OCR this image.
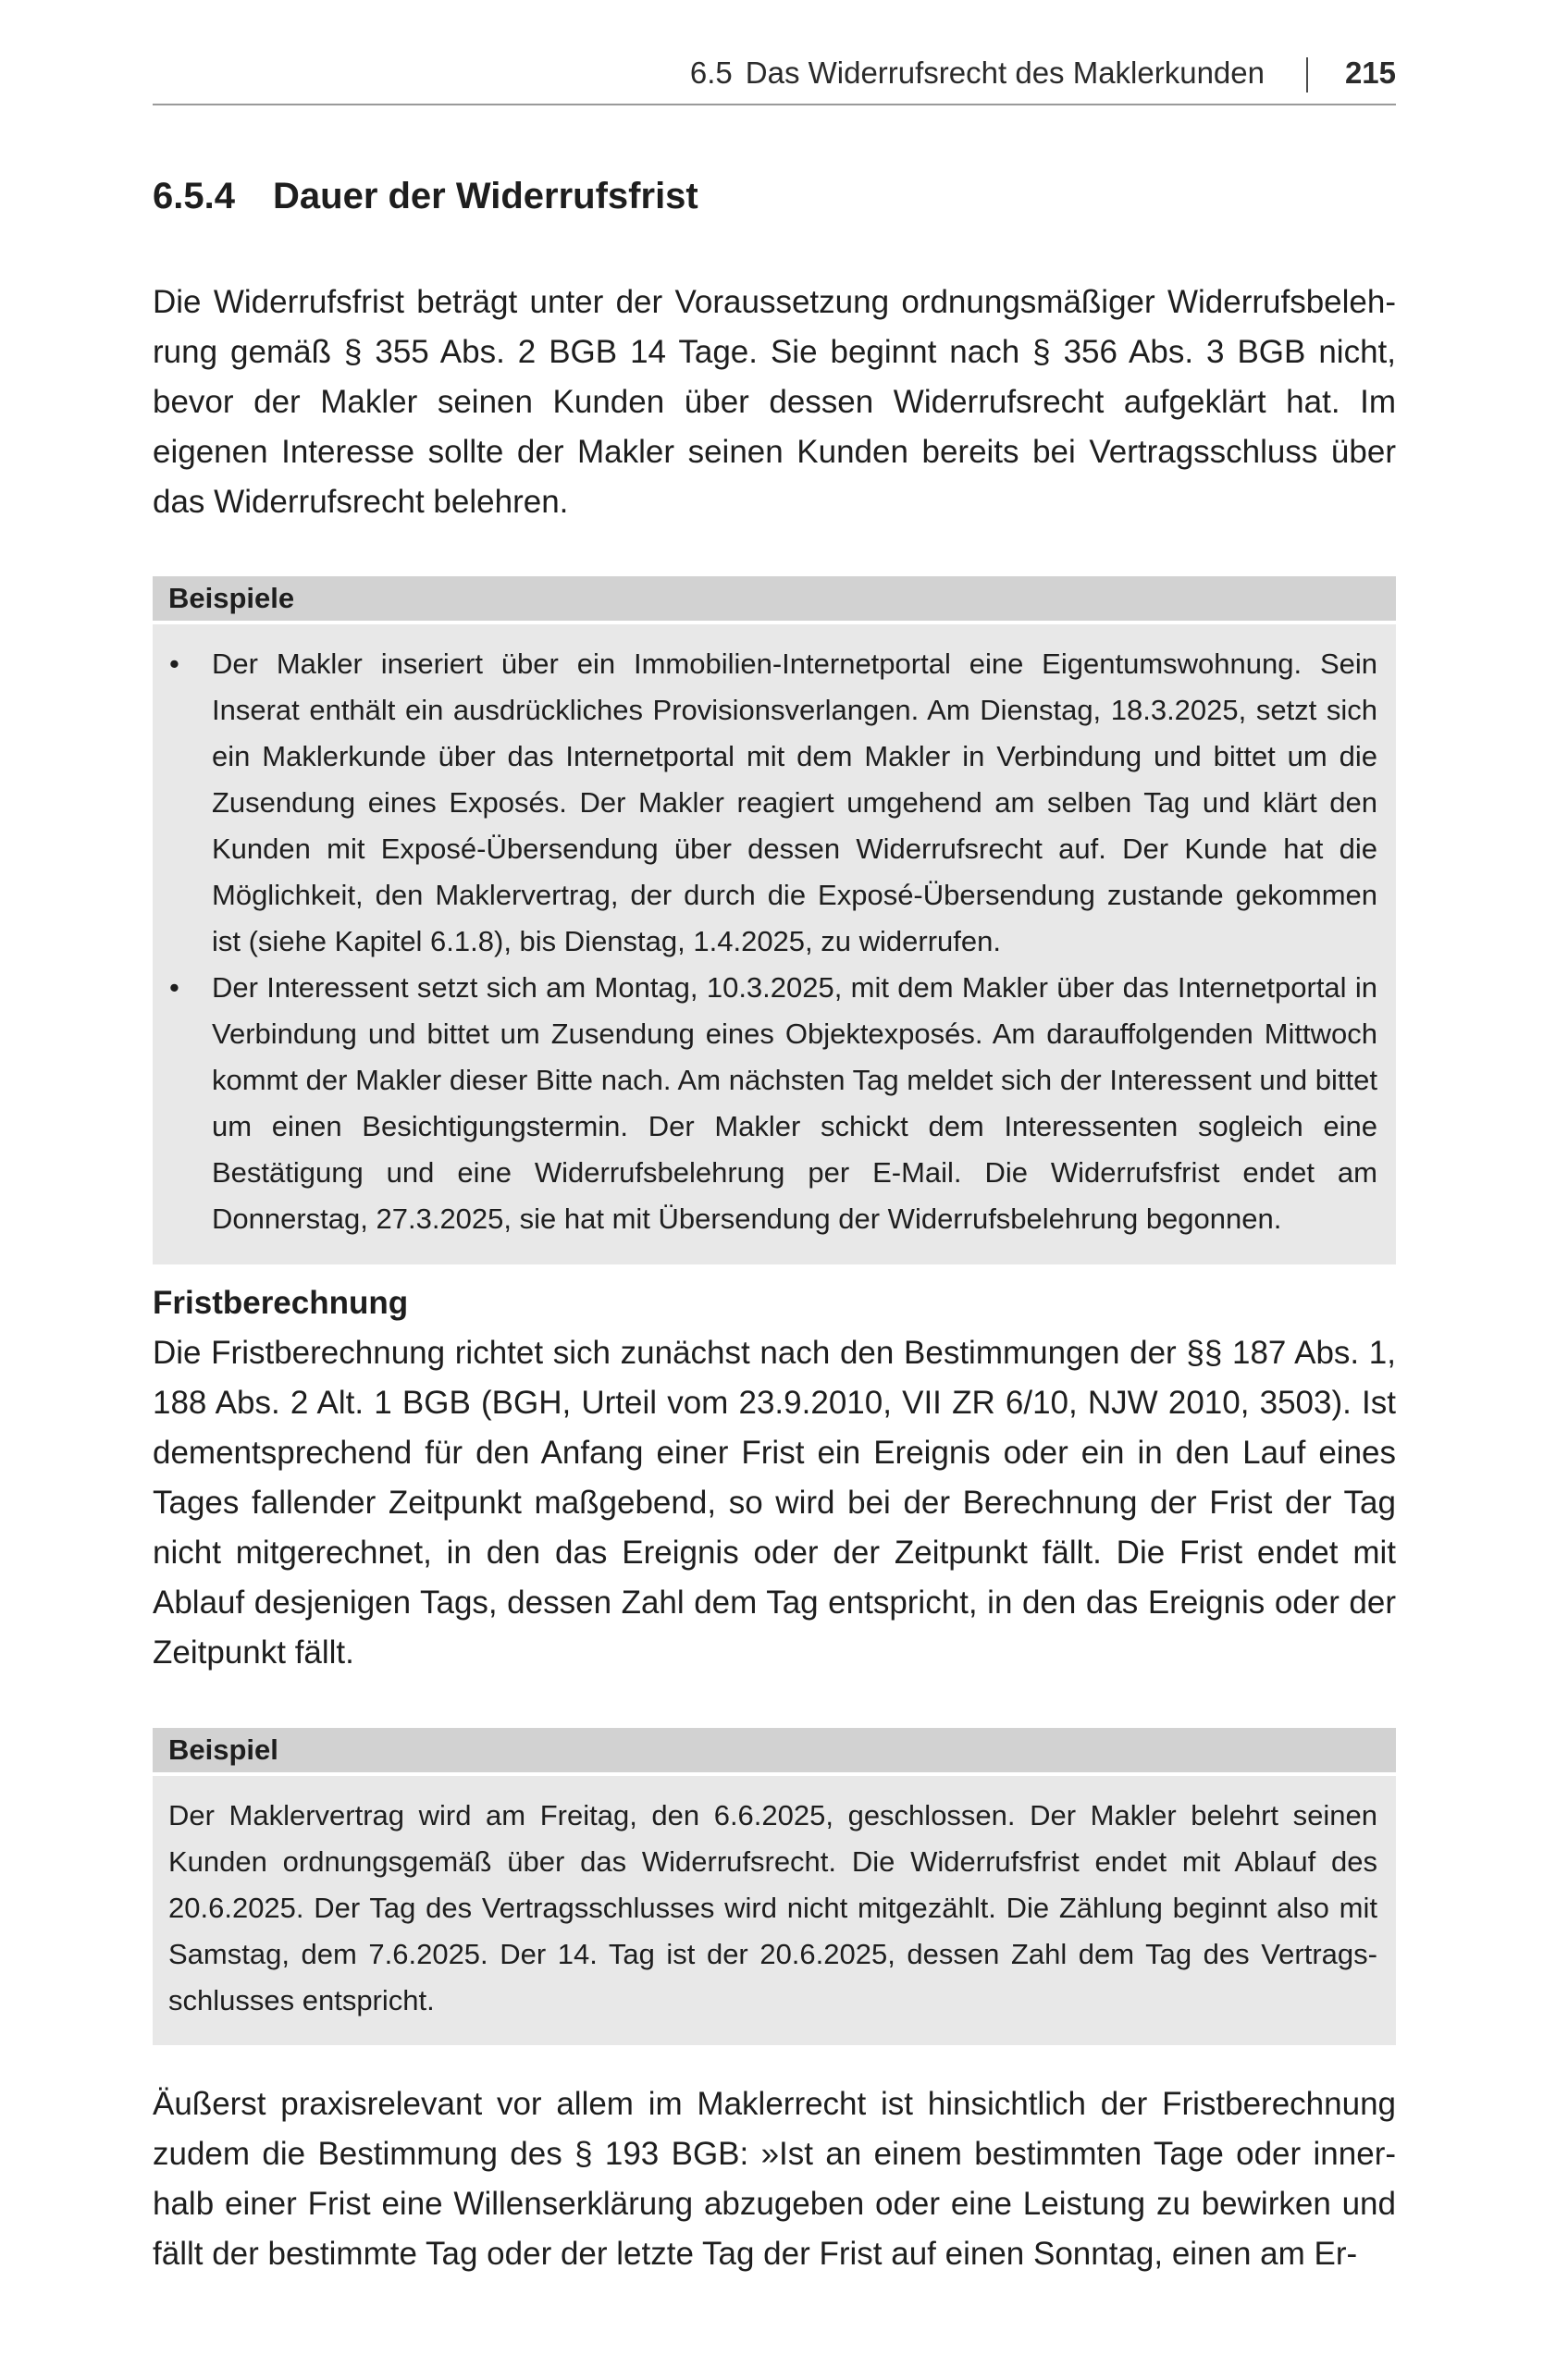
6.5 Das Widerrufsrecht des Maklerkunden	215
6.5.4 Dauer der Widerrufsfrist

Die Widerrufsfrist beträgt unter der Voraussetzung ordnungsmäßiger Widerrufsbelehrung gemäß § 355 Abs. 2 BGB 14 Tage. Sie beginnt nach § 356 Abs. 3 BGB nicht, bevor der Makler seinen Kunden über dessen Widerrufsrecht aufgeklärt hat. Im eigenen Interesse sollte der Makler seinen Kunden bereits bei Vertragsschluss über das Widerrufsrecht belehren.

Beispiele
• Der Makler inseriert über ein Immobilien-Internetportal eine Eigentumswohnung. Sein Inserat enthält ein ausdrückliches Provisionsverlangen. Am Dienstag, 18.3.2025, setzt sich ein Maklerkunde über das Internetportal mit dem Makler in Verbindung und bittet um die Zusendung eines Exposés. Der Makler reagiert umgehend am selben Tag und klärt den Kunden mit Exposé-Übersendung über dessen Widerrufsrecht auf. Der Kunde hat die Möglichkeit, den Maklervertrag, der durch die Exposé-Übersendung zustande gekommen ist (siehe Kapitel 6.1.8), bis Dienstag, 1.4.2025, zu widerrufen.
• Der Interessent setzt sich am Montag, 10.3.2025, mit dem Makler über das Internetportal in Verbindung und bittet um Zusendung eines Objektexposés. Am darauffolgenden Mittwoch kommt der Makler dieser Bitte nach. Am nächsten Tag meldet sich der Interessent und bittet um einen Besichtigungstermin. Der Makler schickt dem Interessenten sogleich eine Bestätigung und eine Widerrufsbelehrung per E-Mail. Die Widerrufsfrist endet am Donnerstag, 27.3.2025, sie hat mit Übersendung der Widerrufsbelehrung begonnen.
Fristberechnung

Die Fristberechnung richtet sich zunächst nach den Bestimmungen der §§ 187 Abs. 1, 188 Abs. 2 Alt. 1 BGB (BGH, Urteil vom 23.9.2010, VII ZR 6/10, NJW 2010, 3503). Ist dementsprechend für den Anfang einer Frist ein Ereignis oder ein in den Lauf eines Tages fallender Zeitpunkt maßgebend, so wird bei der Berechnung der Frist der Tag nicht mitgerechnet, in den das Ereignis oder der Zeitpunkt fällt. Die Frist endet mit Ablauf desjenigen Tags, dessen Zahl dem Tag entspricht, in den das Ereignis oder der Zeitpunkt fällt.

Beispiel
Der Maklervertrag wird am Freitag, den 6.6.2025, geschlossen. Der Makler belehrt seinen Kunden ordnungsgemäß über das Widerrufsrecht. Die Widerrufsfrist endet mit Ablauf des 20.6.2025. Der Tag des Vertragsschlusses wird nicht mitgezählt. Die Zählung beginnt also mit Samstag, dem 7.6.2025. Der 14. Tag ist der 20.6.2025, dessen Zahl dem Tag des Vertragsschlusses entspricht.

Äußerst praxisrelevant vor allem im Maklerrecht ist hinsichtlich der Fristberechnung zudem die Bestimmung des § 193 BGB: »Ist an einem bestimmten Tage oder innerhalb einer Frist eine Willenserklärung abzugeben oder eine Leistung zu bewirken und fällt der bestimmte Tag oder der letzte Tag der Frist auf einen Sonntag, einen am Er-
